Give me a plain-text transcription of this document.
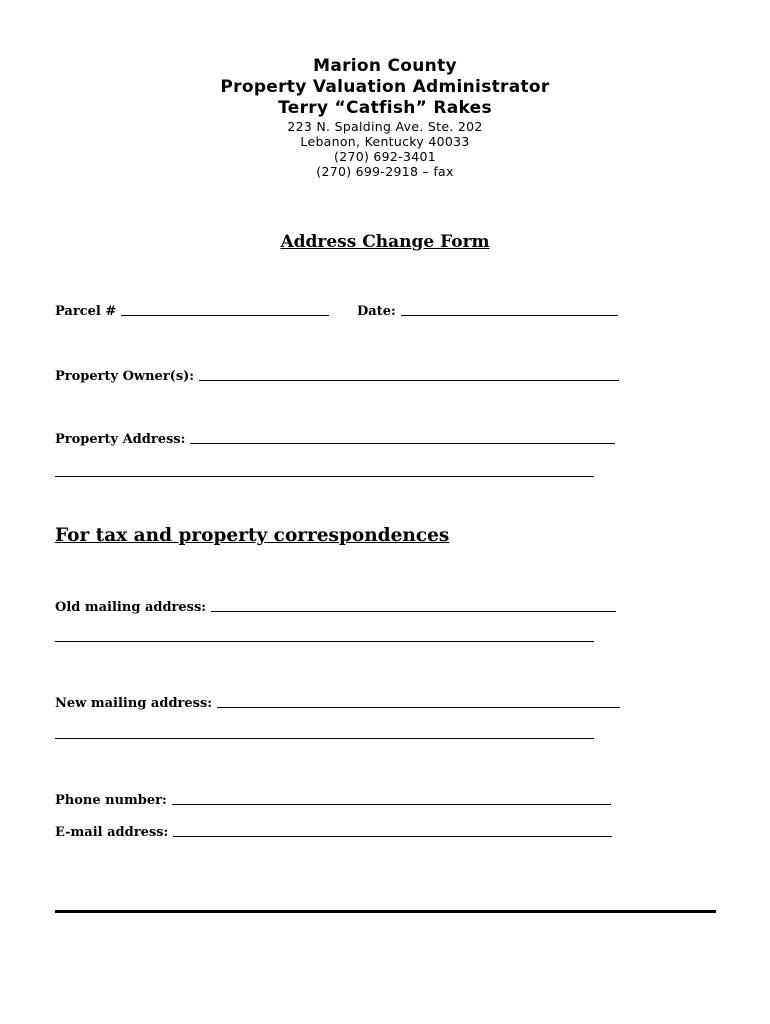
Marion County
Property Valuation Administrator
Terry “Catfish” Rakes
223 N. Spalding Ave. Ste. 202
Lebanon, Kentucky 40033
(270) 692-3401
(270) 699-2918 – fax
Address Change Form
Parcel #	Date:
Property Owner(s):
Property Address:
For tax and property correspondences
Old mailing address:
New mailing address:
Phone number:
E-mail address:
